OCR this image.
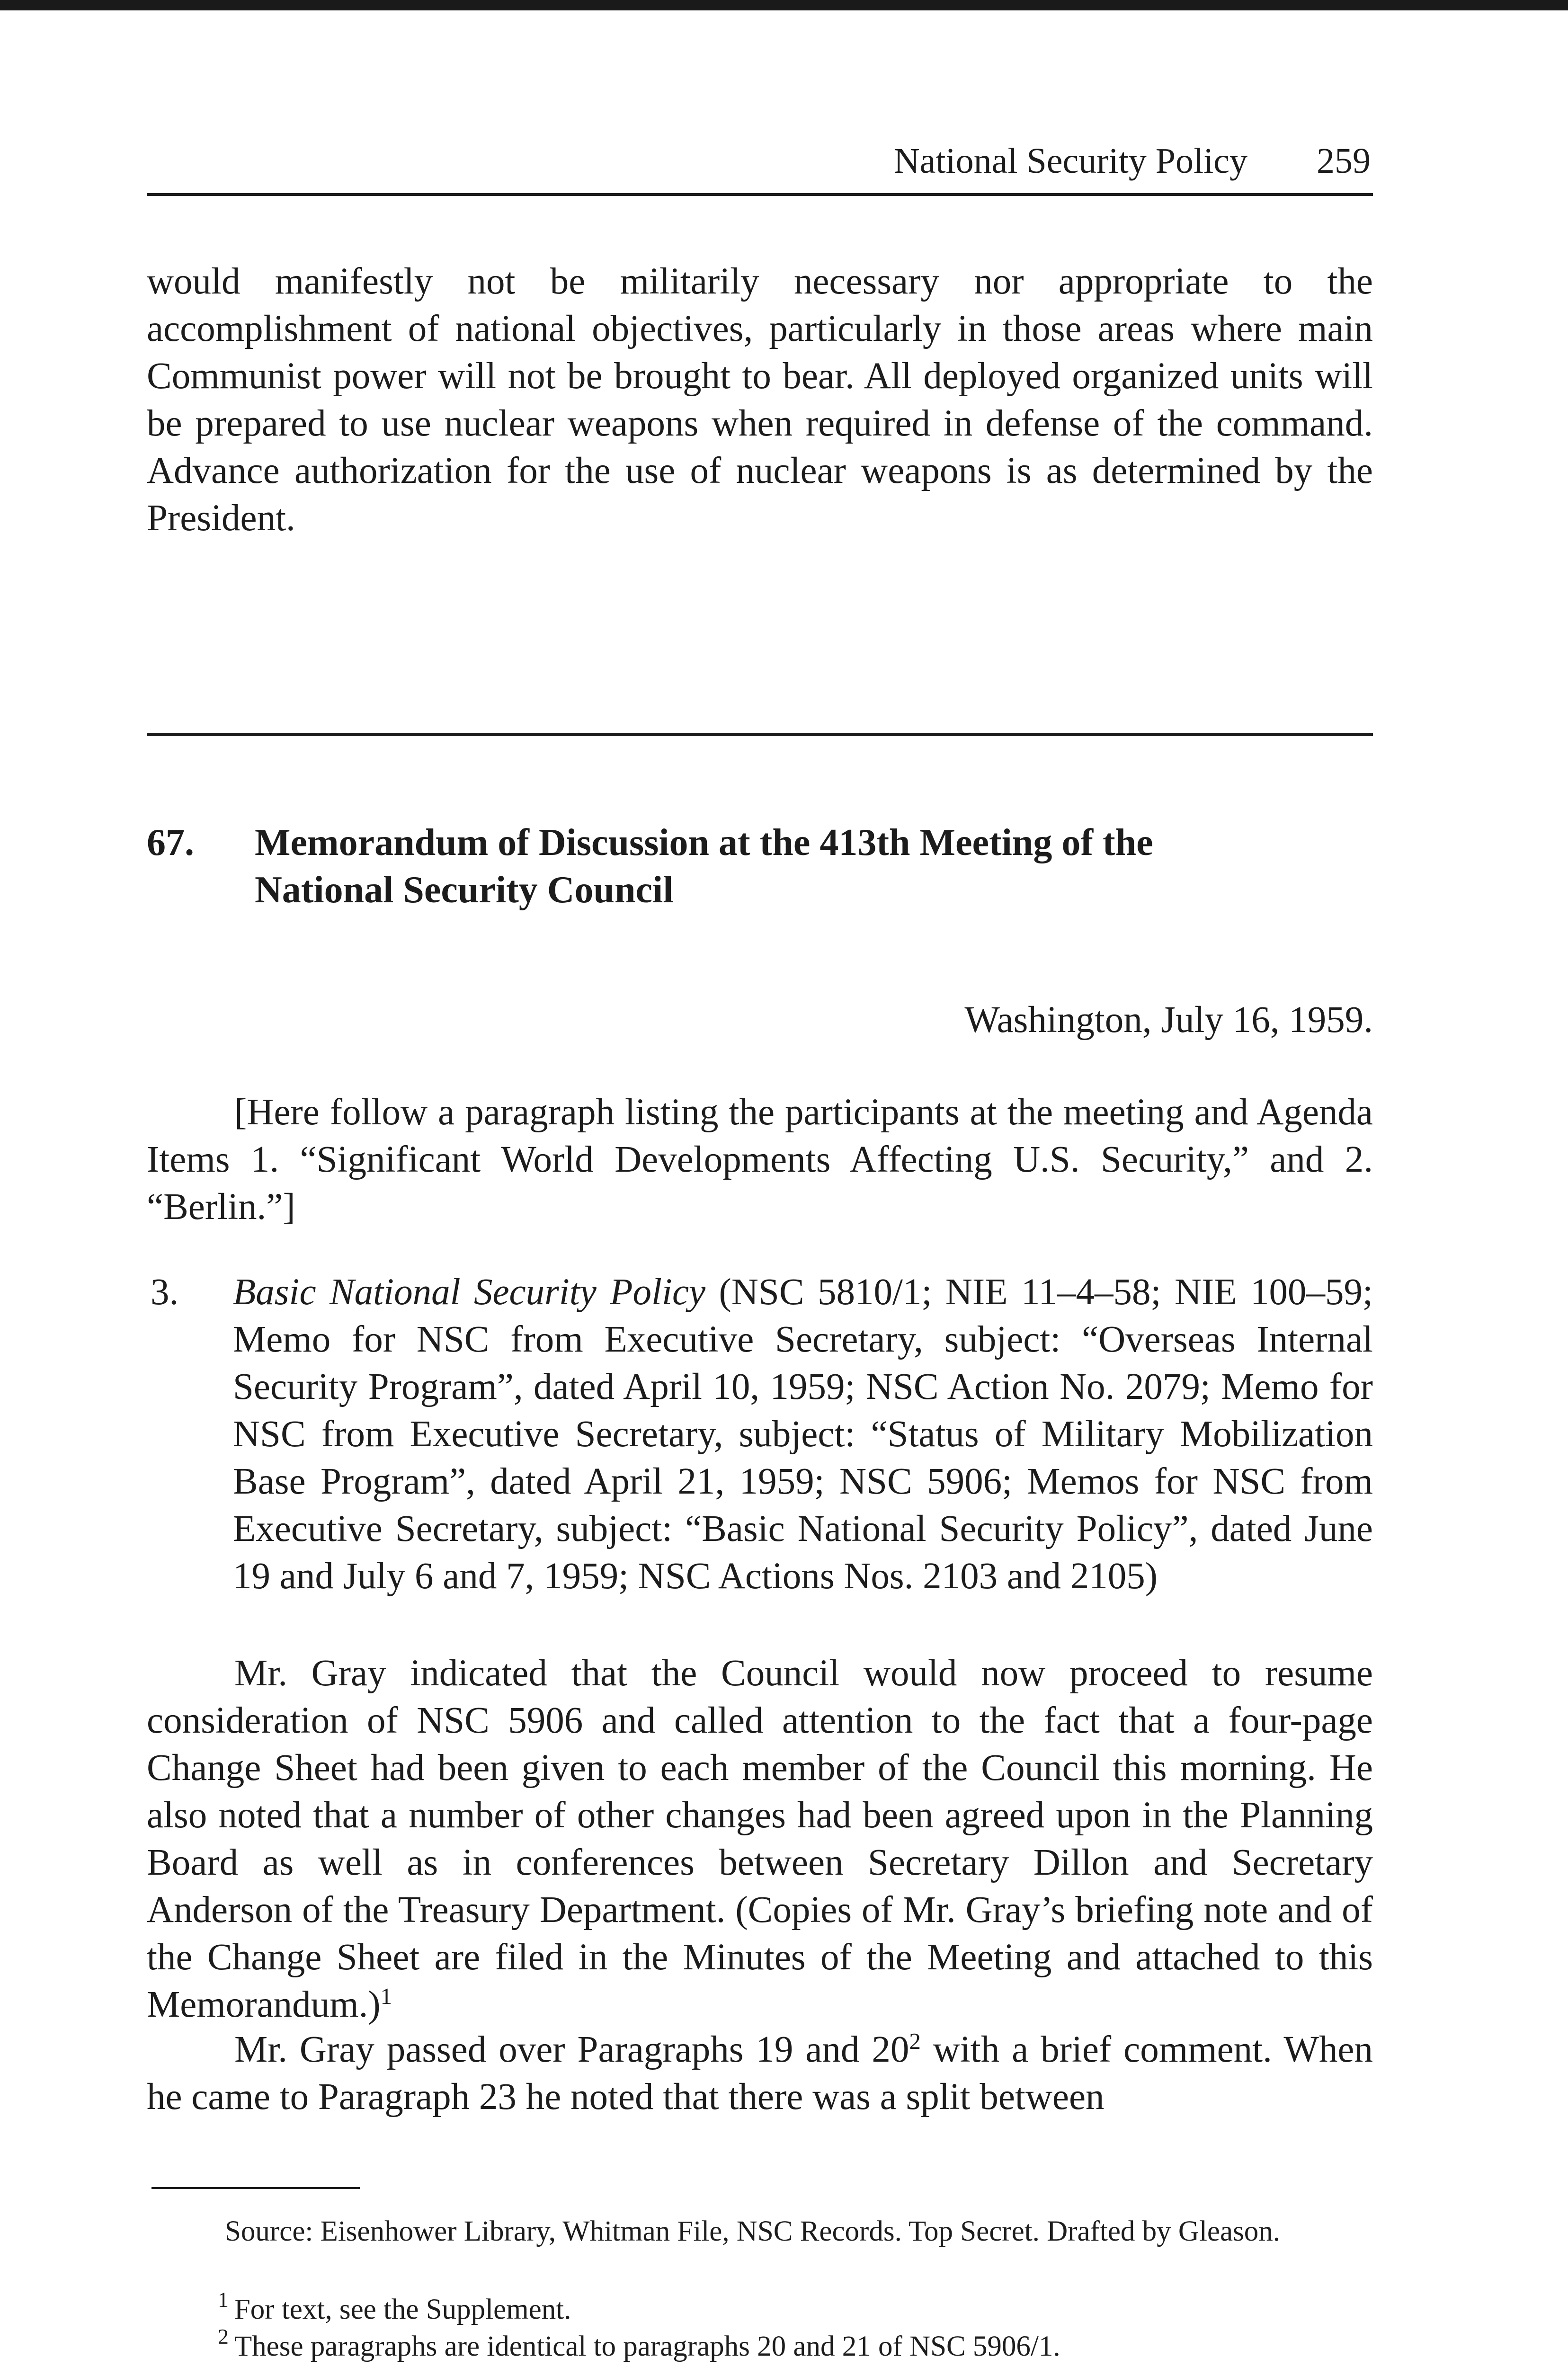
National Security Policy 259

would manifestly not be militarily necessary nor appropriate to the accomplishment of national objectives, particularly in those areas where main Communist power will not be brought to bear. All deployed organized units will be prepared to use nuclear weapons when required in defense of the command. Advance authorization for the use of nuclear weapons is as determined by the President.

67. Memorandum of Discussion at the 413th Meeting of the National Security Council
Washington, July 16, 1959.

[Here follow a paragraph listing the participants at the meeting and Agenda Items 1. “Significant World Developments Affecting U.S. Security,” and 2. “Berlin.”]

3. Basic National Security Policy (NSC 5810/1; NIE 11–4–58; NIE 100–59; Memo for NSC from Executive Secretary, subject: “Overseas Internal Security Program”, dated April 10, 1959; NSC Action No. 2079; Memo for NSC from Executive Secretary, subject: “Status of Military Mobilization Base Program”, dated April 21, 1959; NSC 5906; Memos for NSC from Executive Secretary, subject: “Basic National Security Policy”, dated June 19 and July 6 and 7, 1959; NSC Actions Nos. 2103 and 2105)

Mr. Gray indicated that the Council would now proceed to resume consideration of NSC 5906 and called attention to the fact that a four-page Change Sheet had been given to each member of the Council this morning. He also noted that a number of other changes had been agreed upon in the Planning Board as well as in conferences between Secretary Dillon and Secretary Anderson of the Treasury Department. (Copies of Mr. Gray’s briefing note and of the Change Sheet are filed in the Minutes of the Meeting and attached to this Memorandum.)$^1$

Mr. Gray passed over Paragraphs 19 and $20^2$ with a brief comment. When he came to Paragraph 23 he noted that there was a split between

Source: Eisenhower Library, Whitman File, NSC Records. Top Secret. Drafted by Gleason.

$^1$ For text, see the Supplement.

$^2$ These paragraphs are identical to paragraphs 20 and 21 of NSC 5906/1.
